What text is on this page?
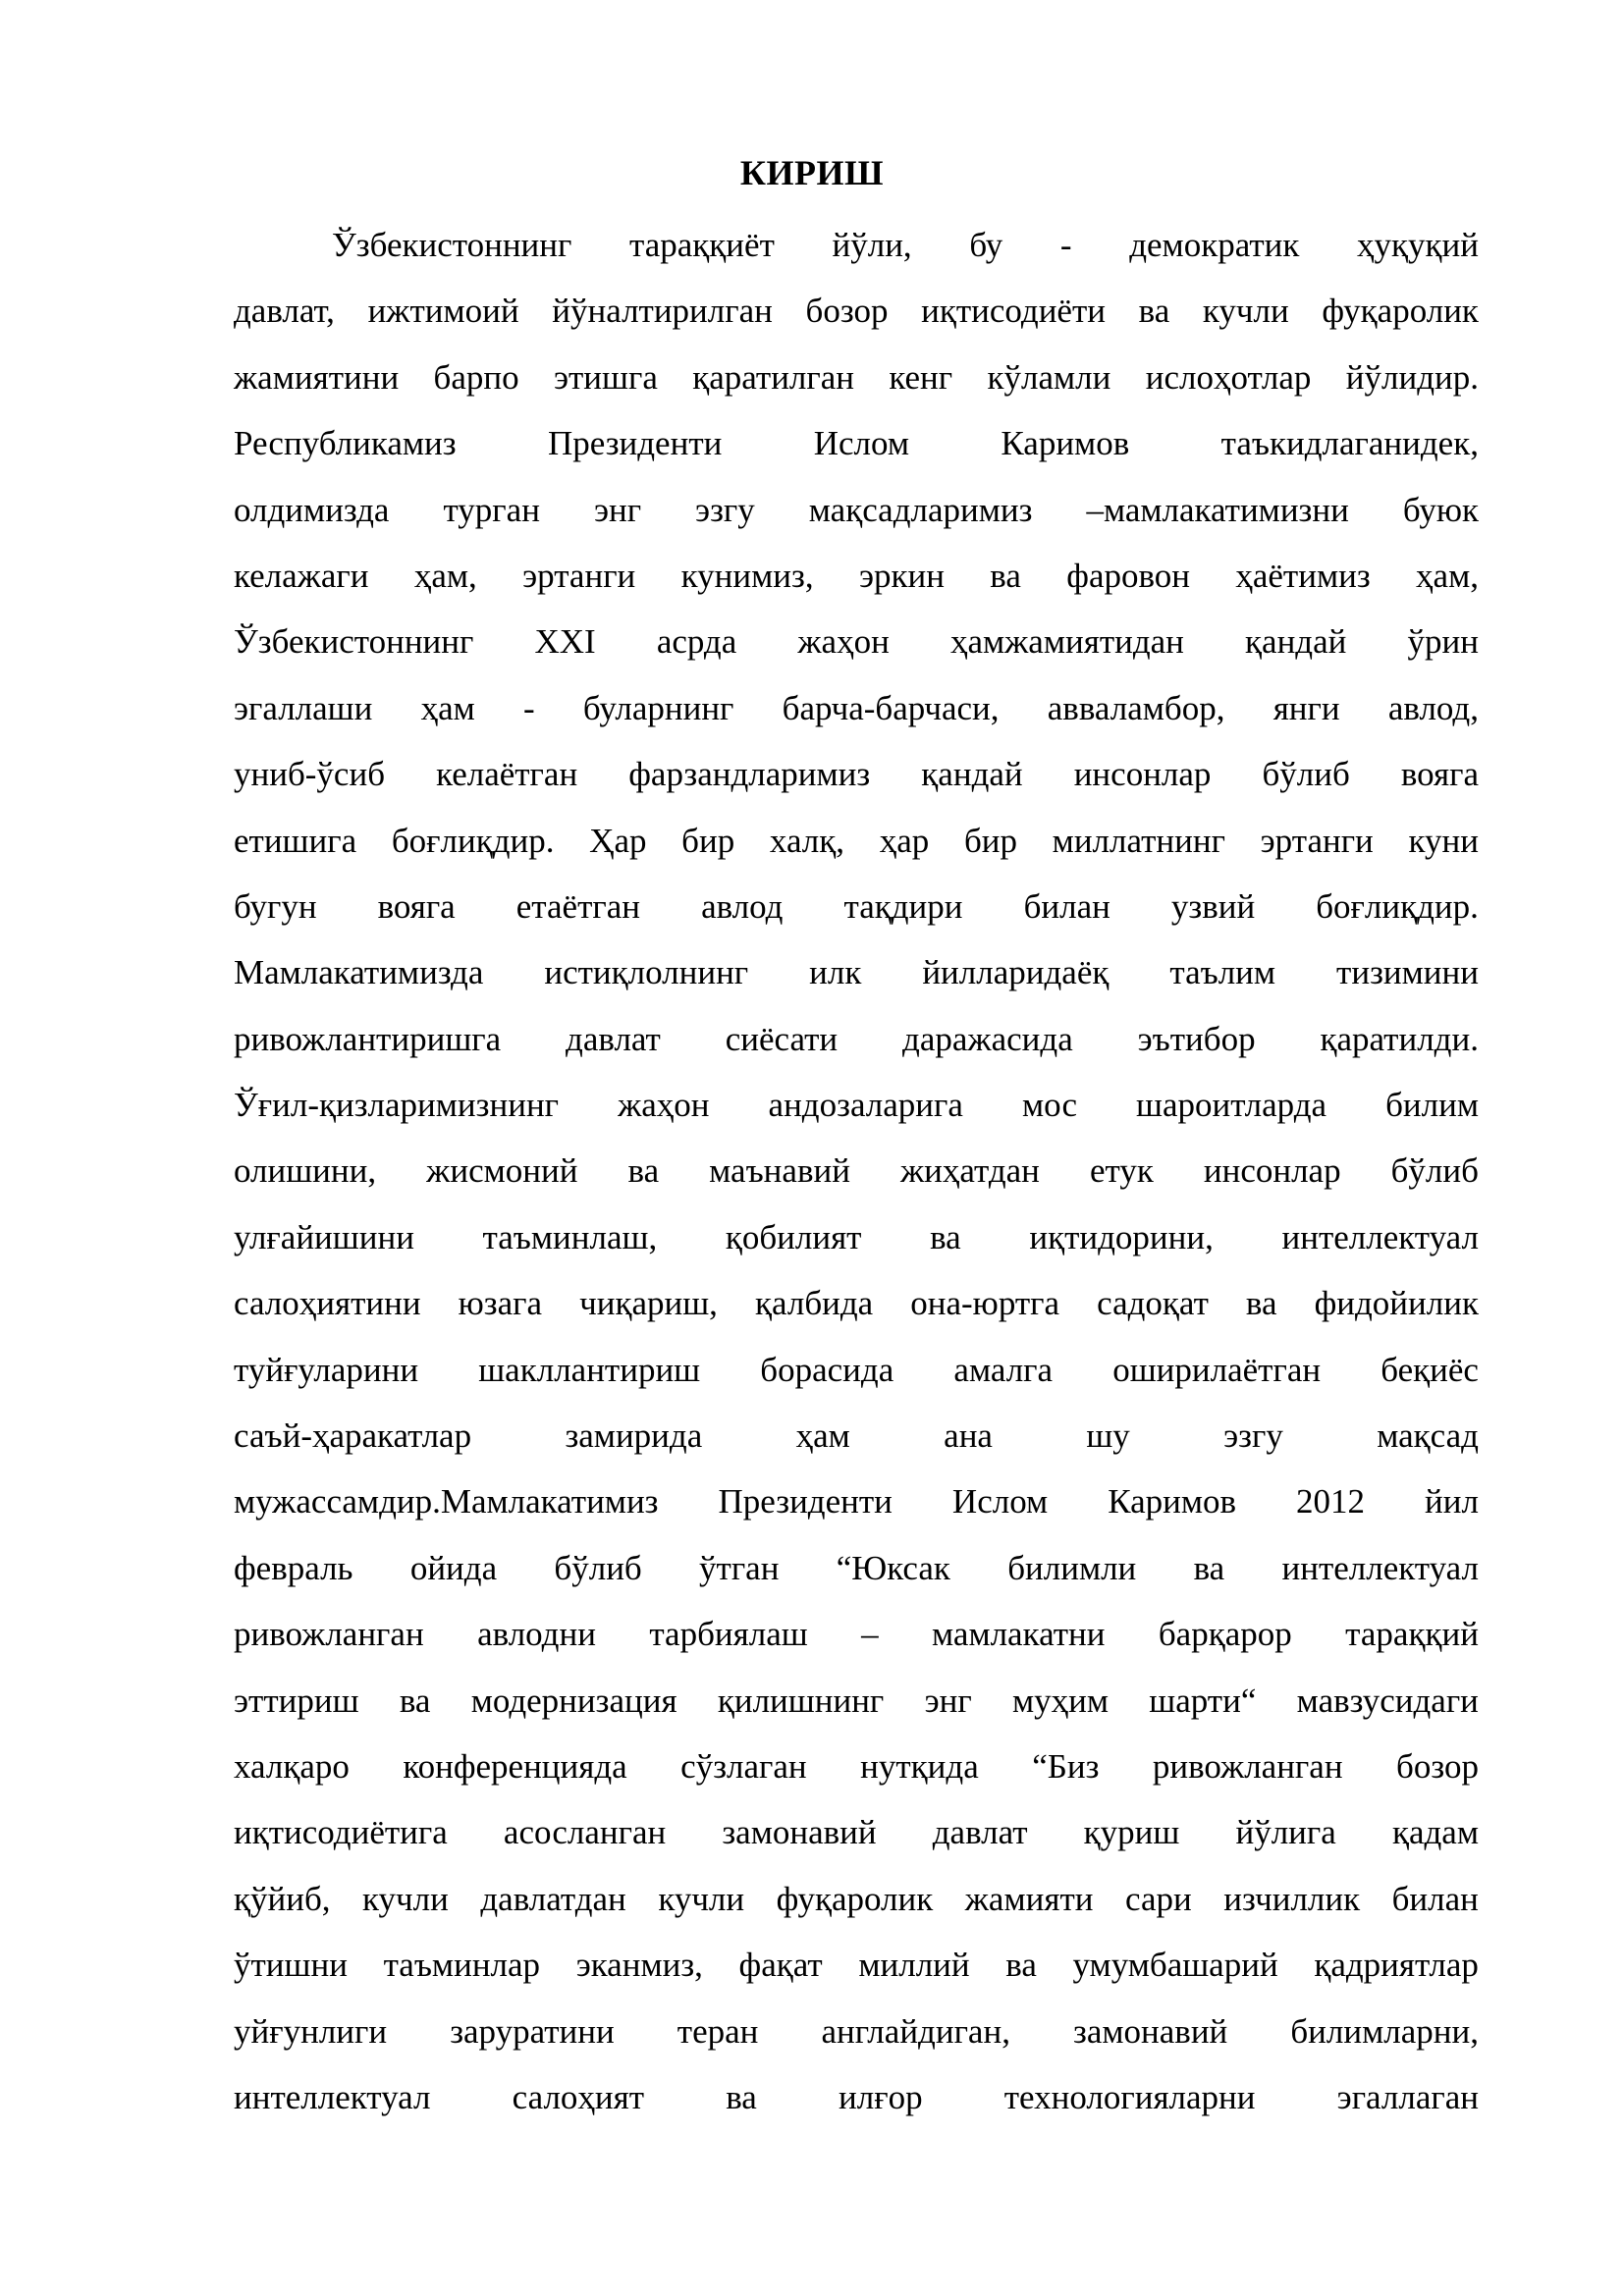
КИРИШ
Ўзбекистоннинг тараққиёт йўли, бу - демократик ҳуқуқий
давлат, ижтимоий йўналтирилган бозор иқтисодиёти ва кучли фуқаролик
жамиятини барпо этишга қаратилган кенг кўламли ислоҳотлар йўлидир.
Республикамиз	Президенти	Ислом	Каримов	таъкидлаганидек,
олдимизда турган энг эзгу мақсадларимиз –мамлакатимизни буюк
келажаги ҳам, эртанги кунимиз, эркин ва фаровон ҳаётимиз ҳам,
Ўзбекистоннинг XXI асрда жаҳон ҳамжамиятидан қандай ўрин
эгаллаши ҳам - буларнинг барча-барчаси, авваламбор, янги авлод,
униб-ўсиб келаётган фарзандларимиз қандай инсонлар бўлиб вояга
етишига боғлиқдир. Ҳар бир халқ, ҳар бир миллатнинг эртанги куни
бугун вояга етаётган авлод тақдири билан узвий боғлиқдир.
Мамлакатимизда истиқлолнинг илк йилларидаёқ таълим тизимини
ривожлантиришга давлат сиёсати даражасида эътибор қаратилди.
Ўғил-қизларимизнинг жаҳон андозаларига мос шароитларда билим
олишини, жисмоний ва маънавий жиҳатдан етук инсонлар бўлиб
улғайишини таъминлаш, қобилият ва иқтидорини, интеллектуал
салоҳиятини юзага чиқариш, қалбида она-юртга садоқат ва фидойилик
туйғуларини шакллантириш борасида амалга оширилаётган беқиёс
саъй-ҳаракатлар	замирида	ҳам	ана	шу	эзгу	мақсад
мужассамдир.Мамлакатимиз Президенти Ислом Каримов 2012 йил
февраль ойида бўлиб ўтган “Юксак билимли ва интеллектуал
ривожланган авлодни тарбиялаш – мамлакатни барқарор тараққий
эттириш ва модернизация қилишнинг энг муҳим шарти“ мавзусидаги
халқаро конференцияда сўзлаган нутқида “Биз ривожланган бозор
иқтисодиётига асосланган замонавий давлат қуриш йўлига қадам
қўйиб, кучли давлатдан кучли фуқаролик жамияти сари изчиллик билан
ўтишни таъминлар эканмиз, фақат миллий ва умумбашарий қадриятлар
уйғунлиги заруратини теран англайдиган, замонавий билимларни,
интеллектуал салоҳият ва илғор технологияларни эгаллаган
